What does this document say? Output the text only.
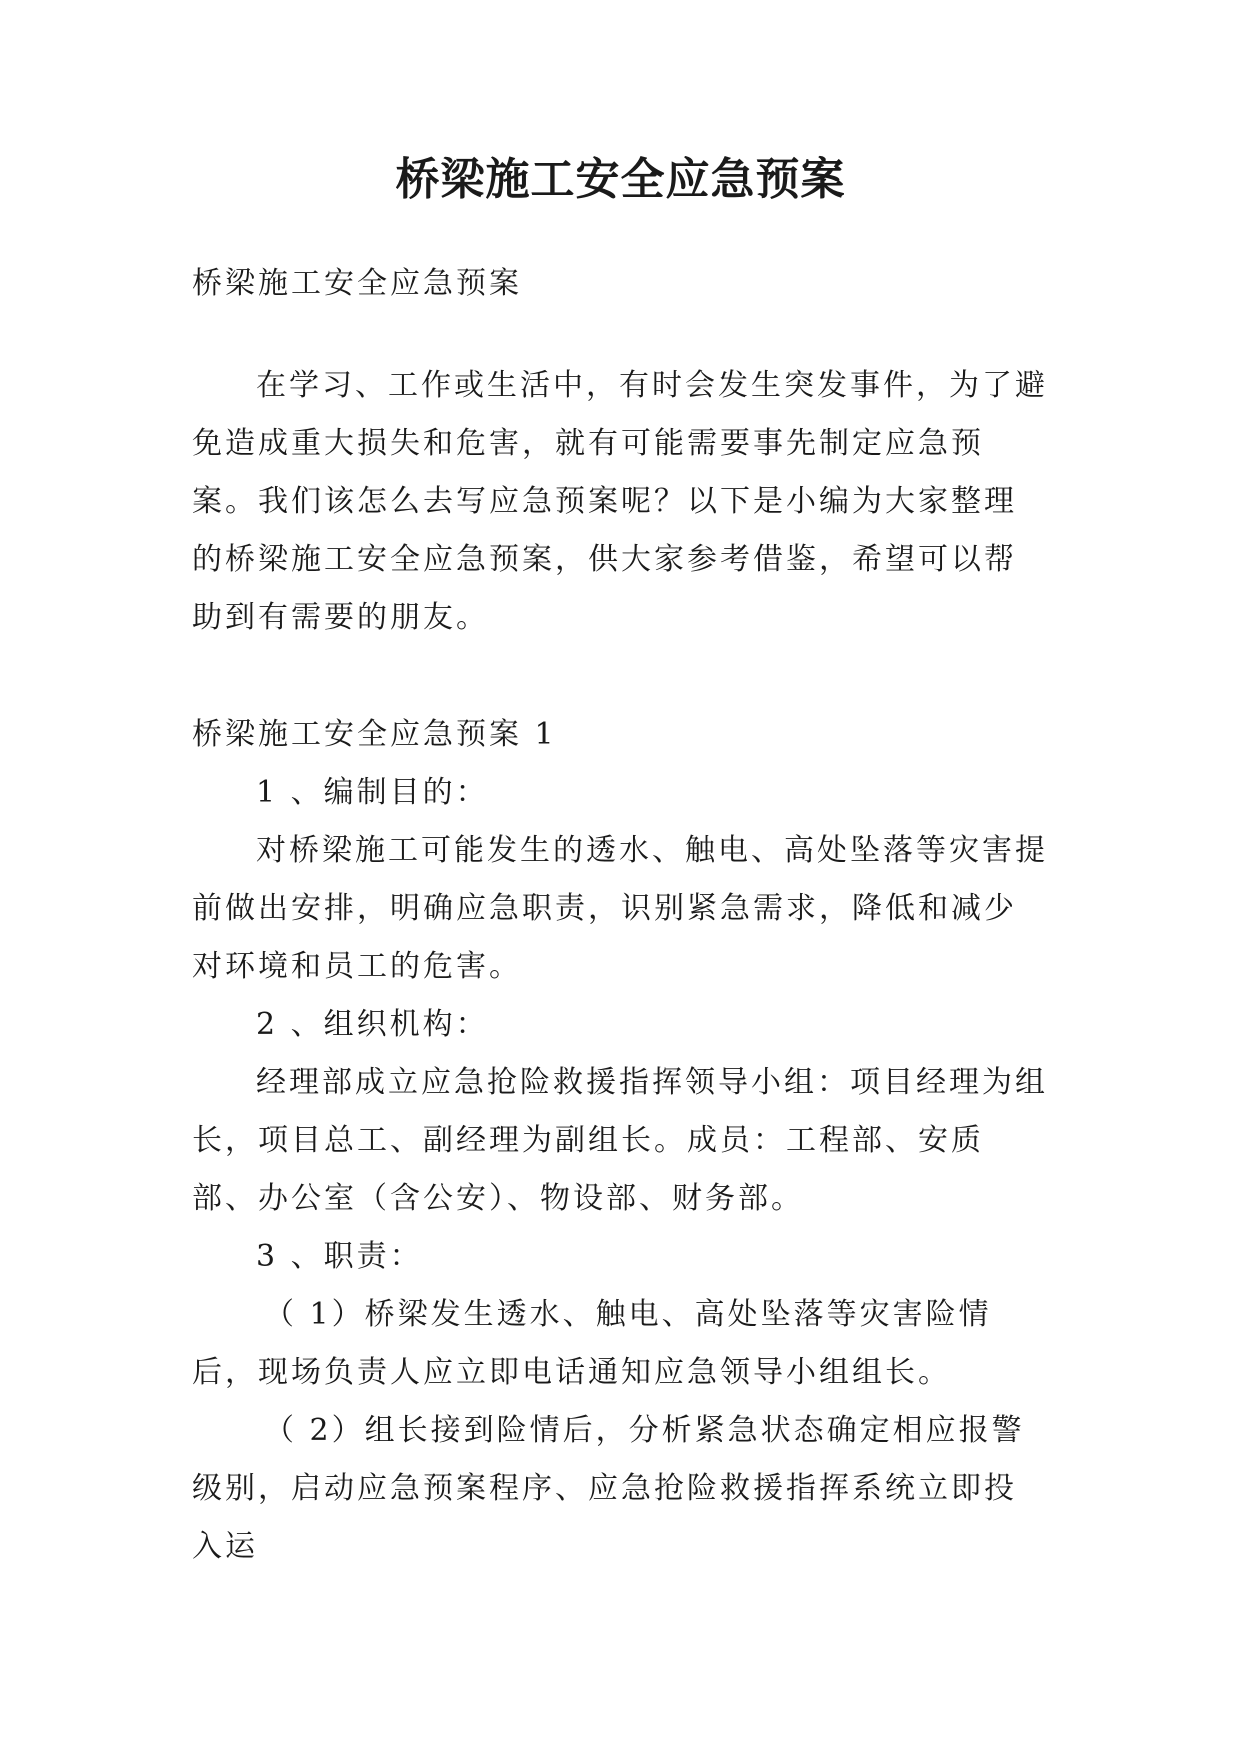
桥梁施工安全应急预案

桥梁施工安全应急预案

在学习、工作或生活中，有时会发生突发事件，为了避免造成重大损失和危害，就有可能需要事先制定应急预案。我们该怎么去写应急预案呢？以下是小编为大家整理的桥梁施工安全应急预案，供大家参考借鉴，希望可以帮助到有需要的朋友。

桥梁施工安全应急预案 1

1 、编制目的：

对桥梁施工可能发生的透水、触电、高处坠落等灾害提前做出安排，明确应急职责，识别紧急需求，降低和减少对环境和员工的危害。

2 、组织机构：

经理部成立应急抢险救援指挥领导小组：项目经理为组长，项目总工、副经理为副组长。成员：工程部、安质部、办公室（含公安）、物设部、财务部。

3 、职责：

（ 1）桥梁发生透水、触电、高处坠落等灾害险情后，现场负责人应立即电话通知应急领导小组组长。

（ 2）组长接到险情后，分析紧急状态确定相应报警级别，启动应急预案程序、应急抢险救援指挥系统立即投入运
